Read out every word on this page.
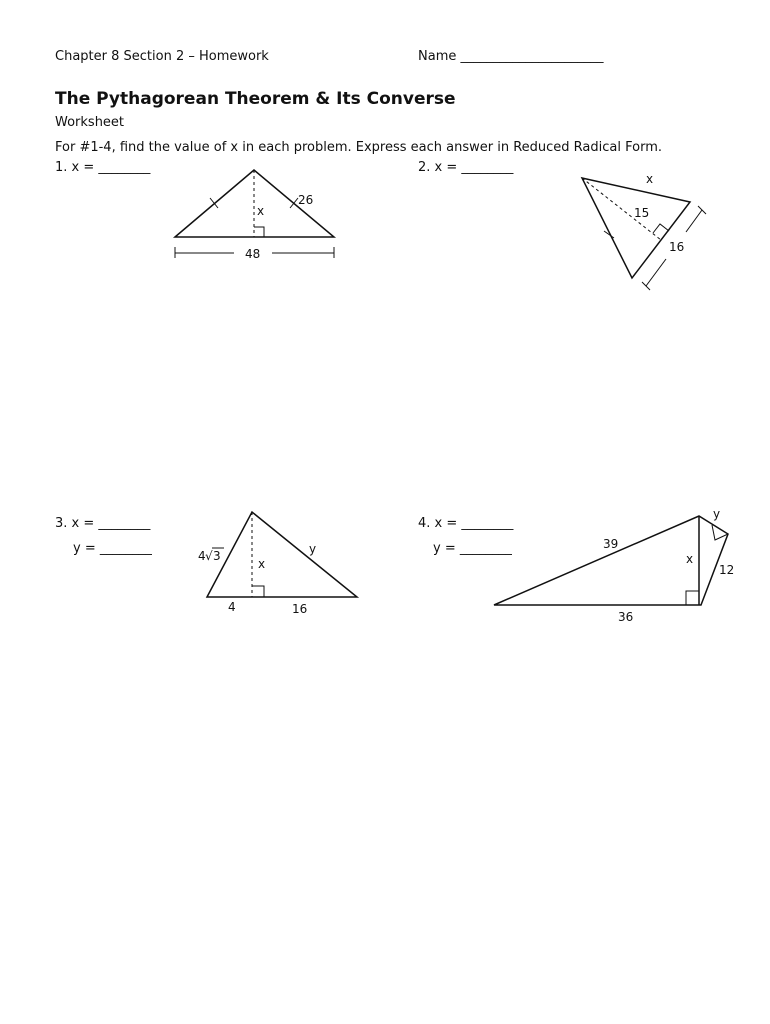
Chapter 8 Section 2 – Homework	Name ______________________
The Pythagorean Theorem & Its Converse
Worksheet
For #1-4, find the value of x in each problem. Express each answer in Reduced Radical Form.
1. x = ________	2. x = ________
3. x = ________
y = ________
4. x = ________
y = ________
26
x
48
x
15
16
4 √ 3
x
y
4	16
y
39
x
12
36
